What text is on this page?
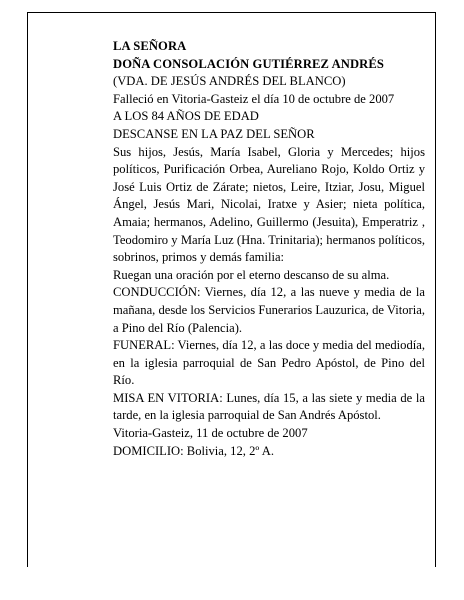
LA SEÑORA

DOÑA CONSOLACIÓN GUTIÉRREZ ANDRÉS

(VDA. DE JESÚS ANDRÉS DEL BLANCO)

Falleció en Vitoria-Gasteiz el día 10 de octubre de 2007

A LOS 84 AÑOS DE EDAD

DESCANSE EN LA PAZ DEL SEÑOR

Sus hijos, Jesús, María Isabel, Gloria y Mercedes; hijos políticos, Purificación Orbea, Aureliano Rojo, Koldo Ortiz y José Luis Ortiz de Zárate; nietos, Leire, Itziar, Josu, Miguel Ángel, Jesús Mari, Nicolai, Iratxe y Asier; nieta política, Amaia; hermanos, Adelino, Guillermo (Jesuita), Emperatriz , Teodomiro y María Luz (Hna. Trinitaria); hermanos políticos, sobrinos, primos y demás familia:

Ruegan una oración por el eterno descanso de su alma.

CONDUCCIÓN: Viernes, día 12, a las nueve y media de la mañana, desde los Servicios Funerarios Lauzurica, de Vitoria, a Pino del Río (Palencia).

FUNERAL: Viernes, día 12, a las doce y media del mediodía, en la iglesia parroquial de San Pedro Apóstol, de Pino del Río.

MISA EN VITORIA: Lunes, día 15, a las siete y media de la tarde, en la iglesia parroquial de San Andrés Apóstol.

Vitoria-Gasteiz, 11 de octubre de 2007

DOMICILIO: Bolivia, 12, 2º A.
